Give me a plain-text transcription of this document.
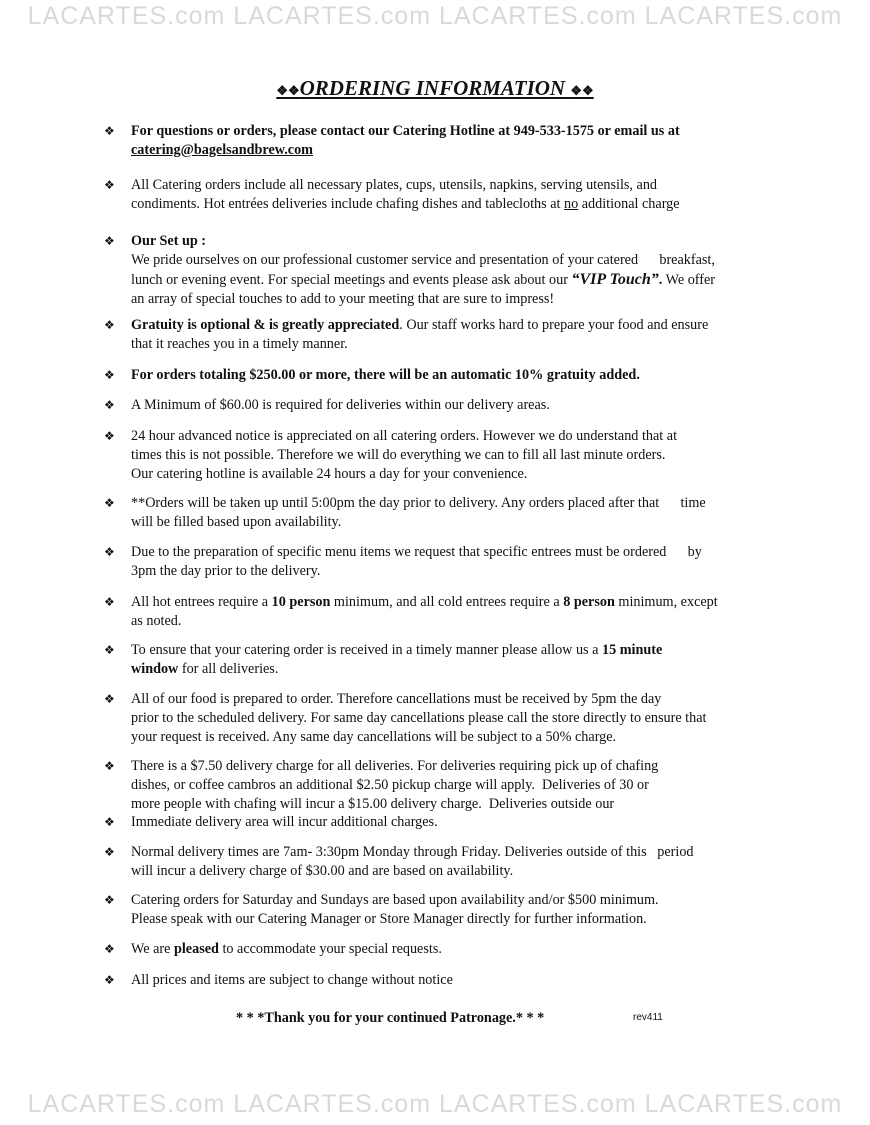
LACARTES.com LACARTES.com LACARTES.com LACARTES.com
❖❖ORDERING INFORMATION ❖❖
❖ For questions or orders, please contact our Catering Hotline at 949-533-1575 or email us at
catering@bagelsandbrew.com
❖ All Catering orders include all necessary plates, cups, utensils, napkins, serving utensils, and
condiments. Hot entrées deliveries include chafing dishes and tablecloths at no additional charge
❖ Our Set up :
We pride ourselves on our professional customer service and presentation of your catered      breakfast,
lunch or evening event. For special meetings and events please ask about our “VIP Touch”. We offer
an array of special touches to add to your meeting that are sure to impress!
❖ Gratuity is optional & is greatly appreciated. Our staff works hard to prepare your food and ensure
that it reaches you in a timely manner.
❖ For orders totaling $250.00 or more, there will be an automatic 10% gratuity added.
❖ A Minimum of $60.00 is required for deliveries within our delivery areas.
❖ 24 hour advanced notice is appreciated on all catering orders. However we do understand that at
times this is not possible. Therefore we will do everything we can to fill all last minute orders.
Our catering hotline is available 24 hours a day for your convenience.
❖ **Orders will be taken up until 5:00pm the day prior to delivery. Any orders placed after that      time
will be filled based upon availability.
❖ Due to the preparation of specific menu items we request that specific entrees must be ordered      by
3pm the day prior to the delivery.
❖ All hot entrees require a 10 person minimum, and all cold entrees require a 8 person minimum, except
as noted.
❖ To ensure that your catering order is received in a timely manner please allow us a 15 minute
window for all deliveries.
❖ All of our food is prepared to order. Therefore cancellations must be received by 5pm the day
prior to the scheduled delivery. For same day cancellations please call the store directly to ensure that
your request is received. Any same day cancellations will be subject to a 50% charge.
❖ There is a $7.50 delivery charge for all deliveries. For deliveries requiring pick up of chafing
dishes, or coffee cambros an additional $2.50 pickup charge will apply.  Deliveries of 30 or
more people with chafing will incur a $15.00 delivery charge.  Deliveries outside our
❖ Immediate delivery area will incur additional charges.
❖ Normal delivery times are 7am- 3:30pm Monday through Friday. Deliveries outside of this   period
will incur a delivery charge of $30.00 and are based on availability.
❖ Catering orders for Saturday and Sundays are based upon availability and/or $500 minimum.
Please speak with our Catering Manager or Store Manager directly for further information.
❖ We are pleased to accommodate your special requests.
❖ All prices and items are subject to change without notice
* * *Thank you for your continued Patronage.* * *	rev411
LACARTES.com LACARTES.com LACARTES.com LACARTES.com
